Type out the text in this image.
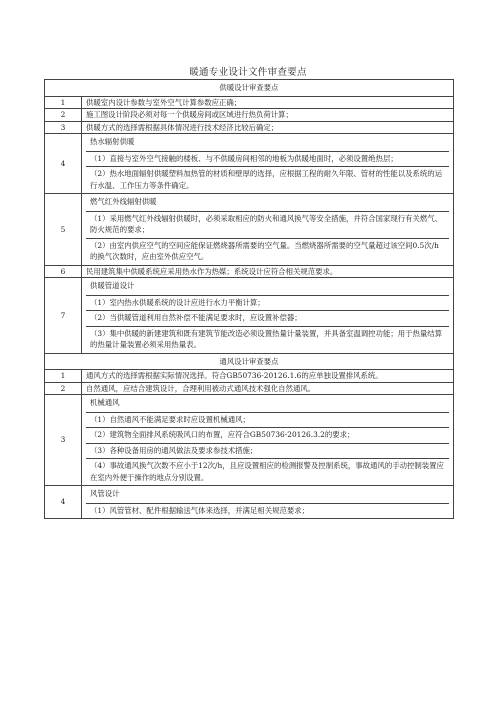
暖通专业设计文件审查要点
供暖设计审查要点	
1	供暖室内设计参数与室外空气计算参数应正确；
2	施工图设计阶段必须对每一个供暖房间或区域进行热负荷计算；
3	供暖方式的选择需根据具体情况进行技术经济比较后确定；
4	热水辐射供暖
（1）直接与室外空气接触的楼板、与不供暖房间相邻的地板为供暖地面时，必须设置绝热层；
（2）热水地面辐射供暖塑料加热管的材质和壁厚的选择，应根据工程的耐久年限、管材的性能以及系统的运行水温、工作压力等条件确定。

5	燃气红外线辐射供暖
（1）采用燃气红外线辐射供暖时，必须采取相应的防火和通风换气等安全措施，并符合国家现行有关燃气、防火规范的要求；
（2）由室内供应空气的空间应能保证燃烧器所需要的空气量。当燃烧器所需要的空气量超过该空间0.5次/h的换气次数时，应由室外供应空气。

6	民用建筑集中供暖系统应采用热水作为热媒；系统设计应符合相关规范要求。
7	供暖管道设计
（1）室内热水供暖系统的设计应进行水力平衡计算；
（2）当供暖管道利用自然补偿不能满足要求时，应设置补偿器；
（3）集中供暖的新建建筑和既有建筑节能改造必须设置热量计量装置，并具备室温调控功能；用于热量结算的热量计量装置必须采用热量表。

通风设计审查要点	
1	通风方式的选择需根据实际情况选择。符合GB50736-20126.1.6的应单独设置排风系统。
2	自然通风，应结合建筑设计，合理利用被动式通风技术强化自然通风。
3	机械通风
（1）自然通风不能满足要求时应设置机械通风；
（2）建筑物全面排风系统吸风口的布置，应符合GB50736-20126.3.2的要求；
（3）各种设备用房的通风做法及要求参技术措施；
（4）事故通风换气次数不应小于12次/h，且应设置相应的检测报警及控制系统，事故通风的手动控制装置应在室内外便于操作的地点分别设置。

4	风管设计
（1）风管管材、配件根据输送气体来选择，并满足相关规范要求；
